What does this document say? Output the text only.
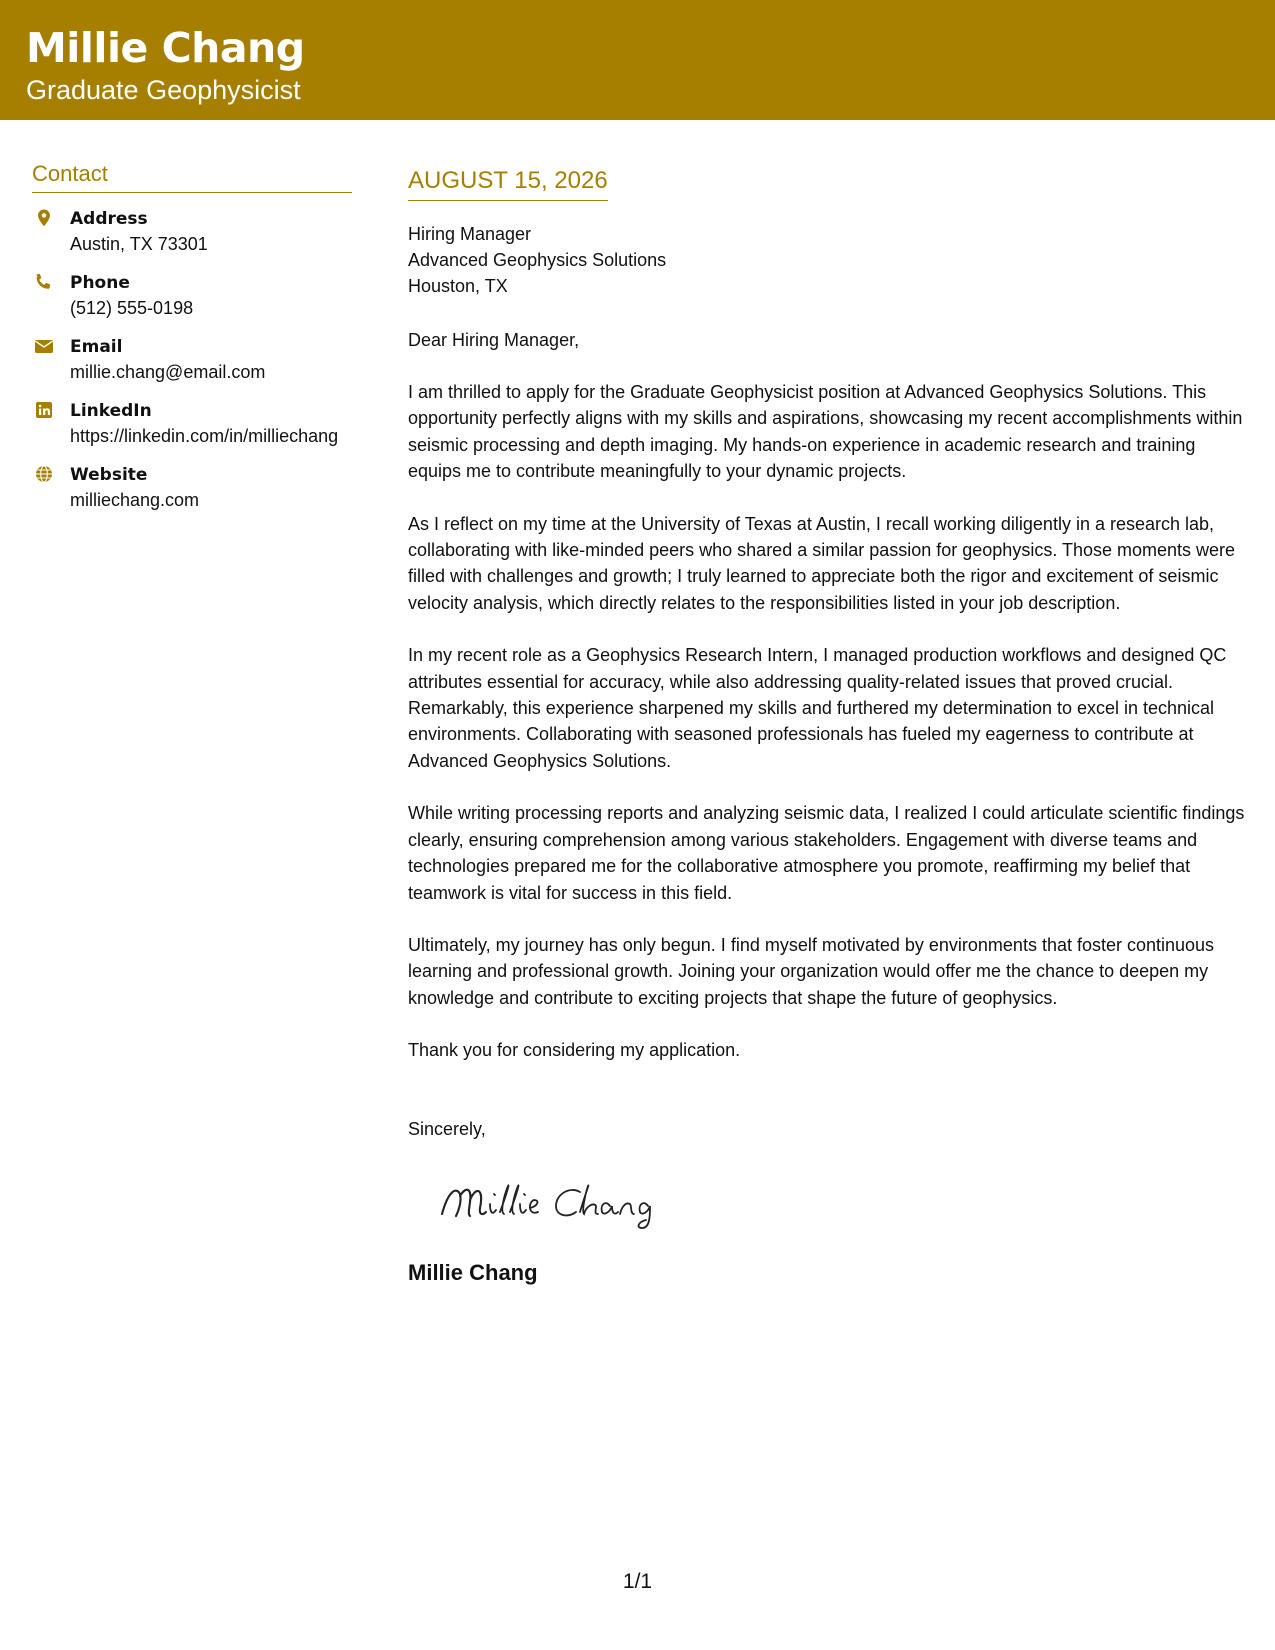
Millie Chang
Graduate Geophysicist
Contact
Address
Austin, TX 73301
Phone
(512) 555-0198
Email
millie.chang@email.com
LinkedIn
https://linkedin.com/in/milliechang
Website
milliechang.com
AUGUST 15, 2026
Hiring Manager
Advanced Geophysics Solutions
Houston, TX
Dear Hiring Manager,
I am thrilled to apply for the Graduate Geophysicist position at Advanced Geophysics Solutions. This opportunity perfectly aligns with my skills and aspirations, showcasing my recent accomplishments within seismic processing and depth imaging. My hands-on experience in academic research and training equips me to contribute meaningfully to your dynamic projects.
As I reflect on my time at the University of Texas at Austin, I recall working diligently in a research lab, collaborating with like-minded peers who shared a similar passion for geophysics. Those moments were filled with challenges and growth; I truly learned to appreciate both the rigor and excitement of seismic velocity analysis, which directly relates to the responsibilities listed in your job description.
In my recent role as a Geophysics Research Intern, I managed production workflows and designed QC attributes essential for accuracy, while also addressing quality-related issues that proved crucial. Remarkably, this experience sharpened my skills and furthered my determination to excel in technical environments. Collaborating with seasoned professionals has fueled my eagerness to contribute at Advanced Geophysics Solutions.
While writing processing reports and analyzing seismic data, I realized I could articulate scientific findings clearly, ensuring comprehension among various stakeholders. Engagement with diverse teams and technologies prepared me for the collaborative atmosphere you promote, reaffirming my belief that teamwork is vital for success in this field.
Ultimately, my journey has only begun. I find myself motivated by environments that foster continuous learning and professional growth. Joining your organization would offer me the chance to deepen my knowledge and contribute to exciting projects that shape the future of geophysics.
Thank you for considering my application.
Sincerely,
Millie Chang
1/1
